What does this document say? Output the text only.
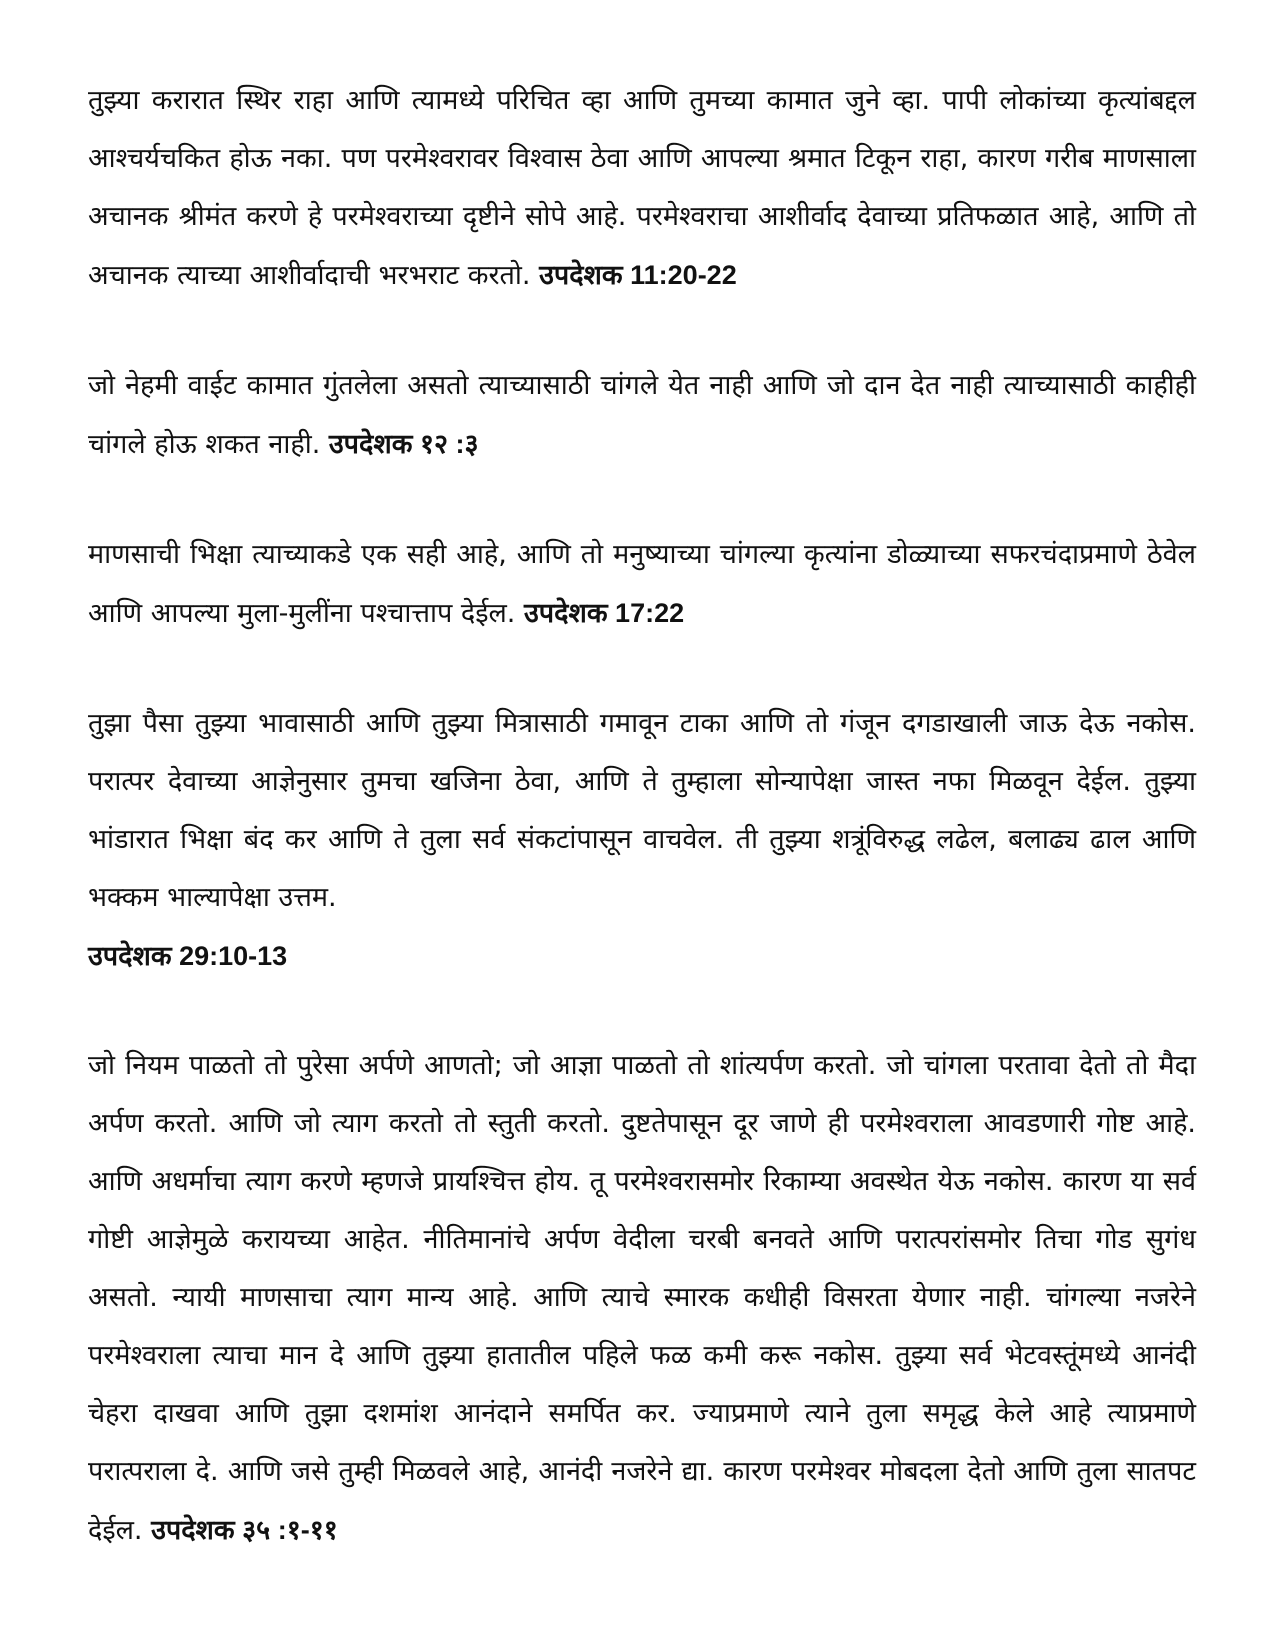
तुझ्या करारात स्थिर राहा आणि त्यामध्ये परिचित व्हा आणि तुमच्या कामात जुने व्हा. पापी लोकांच्या कृत्यांबद्दल आश्चर्यचकित होऊ नका. पण परमेश्वरावर विश्वास ठेवा आणि आपल्या श्रमात टिकून राहा, कारण गरीब माणसाला अचानक श्रीमंत करणे हे परमेश्वराच्या दृष्टीने सोपे आहे. परमेश्वराचा आशीर्वाद देवाच्या प्रतिफळात आहे, आणि तो अचानक त्याच्या आशीर्वादाची भरभराट करतो. उपदेशक 11:20-22

जो नेहमी वाईट कामात गुंतलेला असतो त्याच्यासाठी चांगले येत नाही आणि जो दान देत नाही त्याच्यासाठी काहीही चांगले होऊ शकत नाही. उपदेशक १२ :३

माणसाची भिक्षा त्याच्याकडे एक सही आहे, आणि तो मनुष्याच्या चांगल्या कृत्यांना डोळ्याच्या सफरचंदाप्रमाणे ठेवेल आणि आपल्या मुला-मुलींना पश्चात्ताप देईल. उपदेशक 17:22

तुझा पैसा तुझ्या भावासाठी आणि तुझ्या मित्रासाठी गमावून टाका आणि तो गंजून दगडाखाली जाऊ देऊ नकोस. परात्पर देवाच्या आज्ञेनुसार तुमचा खजिना ठेवा, आणि ते तुम्हाला सोन्यापेक्षा जास्त नफा मिळवून देईल. तुझ्या भांडारात भिक्षा बंद कर आणि ते तुला सर्व संकटांपासून वाचवेल. ती तुझ्या शत्रूंविरुद्ध लढेल, बलाढ्य ढाल आणि भक्कम भाल्यापेक्षा उत्तम.
उपदेशक 29:10-13

जो नियम पाळतो तो पुरेसा अर्पणे आणतो; जो आज्ञा पाळतो तो शांत्यर्पण करतो. जो चांगला परतावा देतो तो मैदा अर्पण करतो. आणि जो त्याग करतो तो स्तुती करतो. दुष्टतेपासून दूर जाणे ही परमेश्वराला आवडणारी गोष्ट आहे. आणि अधर्माचा त्याग करणे म्हणजे प्रायश्चित्त होय. तू परमेश्वरासमोर रिकाम्या अवस्थेत येऊ नकोस. कारण या सर्व गोष्टी आज्ञेमुळे करायच्या आहेत. नीतिमानांचे अर्पण वेदीला चरबी बनवते आणि परात्परांसमोर तिचा गोड सुगंध असतो. न्यायी माणसाचा त्याग मान्य आहे. आणि त्याचे स्मारक कधीही विसरता येणार नाही. चांगल्या नजरेने परमेश्वराला त्याचा मान दे आणि तुझ्या हातातील पहिले फळ कमी करू नकोस. तुझ्या सर्व भेटवस्तूंमध्ये आनंदी चेहरा दाखवा आणि तुझा दशमांश आनंदाने समर्पित कर. ज्याप्रमाणे त्याने तुला समृद्ध केले आहे त्याप्रमाणे परात्पराला दे. आणि जसे तुम्ही मिळवले आहे, आनंदी नजरेने द्या. कारण परमेश्वर मोबदला देतो आणि तुला सातपट देईल. उपदेशक ३५ :१-११
